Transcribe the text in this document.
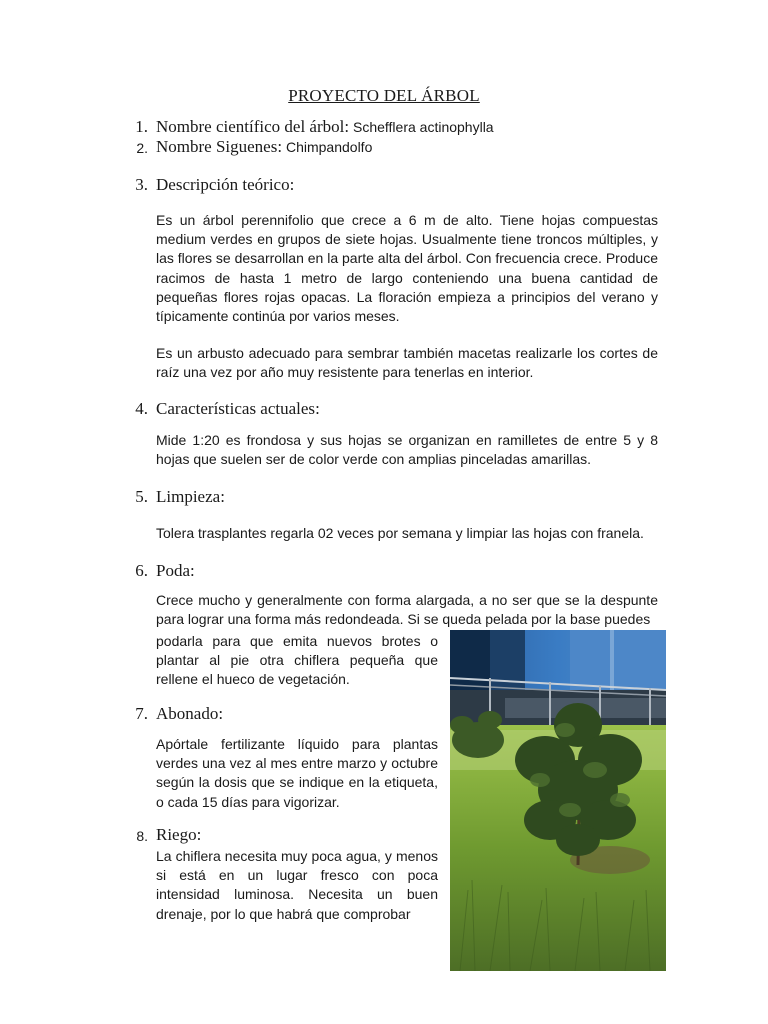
PROYECTO DEL ÁRBOL
1. Nombre científico del árbol: Schefflera actinophylla
2. Nombre Siguenes: Chimpandolfo
3. Descripción teórico:

Es un árbol perennifolio que crece a 6 m de alto. Tiene hojas compuestas medium verdes en grupos de siete hojas. Usualmente tiene troncos múltiples, y las flores se desarrollan en la parte alta del árbol. Con frecuencia crece. Produce racimos de hasta 1 metro de largo conteniendo una buena cantidad de pequeñas flores rojas opacas. La floración empieza a principios del verano y típicamente continúa por varios meses.

Es un arbusto adecuado para sembrar también macetas realizarle los cortes de raíz una vez por año muy resistente para tenerlas en interior.

4. Características actuales:

Mide 1:20 es frondosa y sus hojas se organizan en ramilletes de entre 5 y 8 hojas que suelen ser de color verde con amplias pinceladas amarillas.

5. Limpieza:

Tolera trasplantes regarla 02 veces por semana y limpiar las hojas con franela.

6. Poda:

Crece mucho y generalmente con forma alargada, a no ser que se la despunte para lograr una forma más redondeada. Si se queda pelada por la base puedes

podarla para que emita nuevos brotes o plantar al pie otra chiflera pequeña que rellene el hueco de vegetación.

7. Abonado:

Apórtale fertilizante líquido para plantas verdes una vez al mes entre marzo y octubre según la dosis que se indique en la etiqueta, o cada 15 días para vigorizar.

8. Riego:

La chiflera necesita muy poca agua, y menos si está en un lugar fresco con poca intensidad luminosa. Necesita un buen drenaje, por lo que habrá que comprobar
